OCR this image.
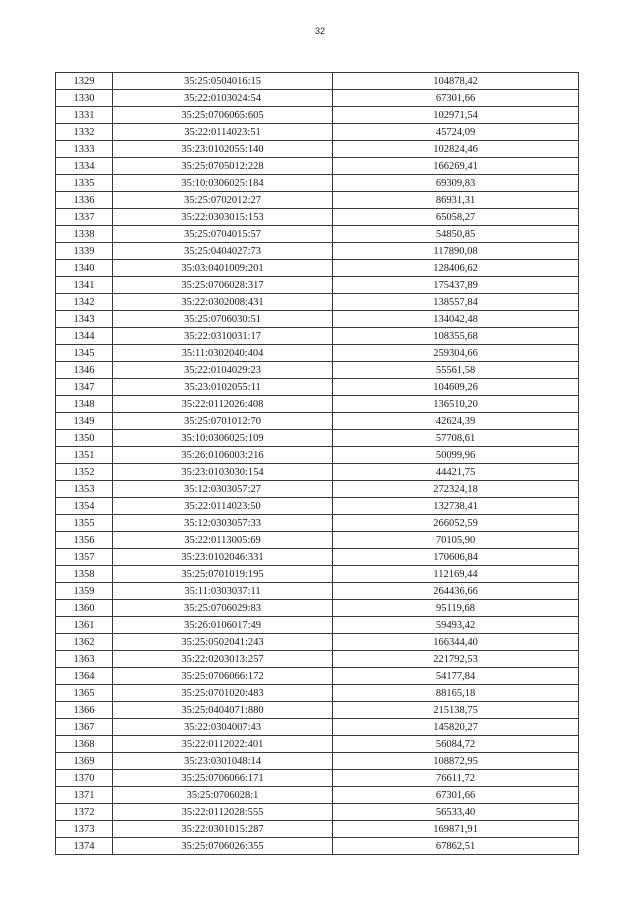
32
1329	35:25:0504016:15	104878,42
1330	35:22:0103024:54	67301,66
1331	35:25:0706065:605	102971,54
1332	35:22:0114023:51	45724,09
1333	35:23:0102055:140	102824,46
1334	35:25:0705012:228	166269,41
1335	35:10:0306025:184	69309,83
1336	35:25:0702012:27	86931,31
1337	35:22:0303015:153	65058,27
1338	35:25:0704015:57	54850,85
1339	35:25:0404027:73	117890,08
1340	35:03:0401009:201	128406,62
1341	35:25:0706028:317	175437,89
1342	35:22:0302008:431	138557,84
1343	35:25:0706030:51	134042,48
1344	35:22:0310031:17	108355,68
1345	35:11:0302040:404	259304,66
1346	35:22:0104029:23	55561,58
1347	35:23:0102055:11	104609,26
1348	35:22:0112026:408	136510,20
1349	35:25:0701012:70	42624,39
1350	35:10:0306025:109	57708,61
1351	35:26:0106003:216	50099,96
1352	35:23:0103030:154	44421,75
1353	35:12:0303057:27	272324,18
1354	35:22:0114023:50	132738,41
1355	35:12:0303057:33	266052,59
1356	35:22:0113005:69	70105,90
1357	35:23:0102046:331	170606,84
1358	35:25:0701019:195	112169,44
1359	35:11:0303037:11	264436,66
1360	35:25:0706029:83	95119,68
1361	35:26:0106017:49	59493,42
1362	35:25:0502041:243	166344,40
1363	35:22:0203013:257	221792,53
1364	35:25:0706066:172	54177,84
1365	35:25:0701020:483	88165,18
1366	35:25:0404071:880	215138,75
1367	35:22:0304007:43	145820,27
1368	35:22:0112022:401	56084,72
1369	35:23:0301048:14	108872,95
1370	35:25:0706066:171	76611,72
1371	35:25:0706028:1	67301,66
1372	35:22:0112028:555	56533,40
1373	35:22:0301015:287	169871,91
1374	35:25:0706026:355	67862,51
